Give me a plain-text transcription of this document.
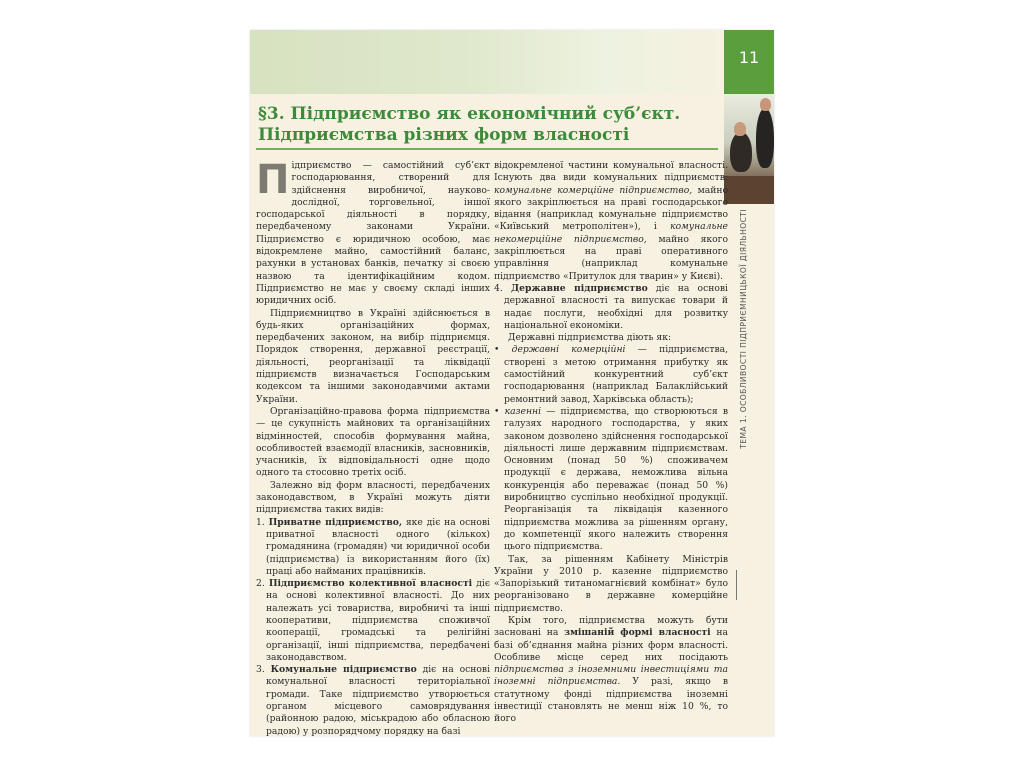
11
ТЕМА 1. ОСОБЛИВОСТІ ПІДПРИЄМНИЦЬКОЇ ДІЯЛЬНОСТІ
§3. Підприємство як економічний суб’єкт.
Підприємства різних форм власності

Підприємство — самостійний суб’єкт господарювання, створений для здійснення виробничої, науково-дослідної, торговельної, іншої господарської діяльності в порядку, передбаченому законами України. Підприємство є юридичною особою, має відокремлене майно, самостійний баланс, рахунки в установах банків, печатку зі своєю назвою та ідентифікаційним кодом. Підприємство не має у своєму складі інших юридичних осіб.

Підприємництво в Україні здійснюється в будь-яких організаційних формах, передбачених законом, на вибір підприємця. Порядок створення, державної реєстрації, діяльності, реорганізації та ліквідації підприємств визначається Господарським кодексом та іншими законодавчими актами України.

Організаційно-правова форма підприємства — це сукупність майнових та організаційних відмінностей, способів формування майна, особливостей взаємодії власників, засновників, учасників, їх відповідальності одне щодо одного та стосовно третіх осіб.

Залежно від форм власності, передбачених законодавством, в Україні можуть діяти підприємства таких видів:

1. Приватне підприємство, яке діє на основі приватної власності одного (кількох) громадянина (громадян) чи юридичної особи (підприємства) із використанням його (їх) праці або найманих працівників.

2. Підприємство колективної власності діє на основі колективної власності. До них належать усі товариства, виробничі та інші кооперативи, підприємства споживчої кооперації, громадські та релігійні організації, інші підприємства, передбачені законодавством.

3. Комунальне підприємство діє на основі комунальної власності територіальної громади. Таке підприємство утворюється органом місцевого самоврядування (районною радою, міськрадою або обласною радою) у розпорядчому порядку на базі

відокремленої частини комунальної власності. Існують два види комунальних підприємств: комунальне комерційне підприємство, майно якого закріплюється на праві господарського відання (наприклад комунальне підприємство «Київський метрополітен»), і комунальне некомерційне підприємство, майно якого закріплюється на праві оперативного управління (наприклад комунальне підприємство «Притулок для тварин» у Києві).

4. Державне підприємство діє на основі державної власності та випускає товари й надає послуги, необхідні для розвитку національної економіки.

Державні підприємства діють як:

• державні комерційні — підприємства, створені з метою отримання прибутку як самостійний конкурентний суб’єкт господарювання (наприклад Балаклійський ремонтний завод, Харківська область);

• казенні — підприємства, що створюються в галузях народного господарства, у яких законом дозволено здійснення господарської діяльності лише державним підприємствам. Основним (понад 50 %) споживачем продукції є держава, неможлива вільна конкуренція або переважає (понад 50 %) виробництво суспільно необхідної продукції. Реорганізація та ліквідація казенного підприємства можлива за рішенням органу, до компетенції якого належить створення цього підприємства.

Так, за рішенням Кабінету Міністрів України у 2010 р. казенне підприємство «Запорізький титаномагнієвий комбінат» було реорганізовано в державне комерційне підприємство.

Крім того, підприємства можуть бути засновані на змішаній формі власності на базі об’єднання майна різних форм власності. Особливе місце серед них посідають підприємства з іноземними інвестиціями та іноземні підприємства. У разі, якщо в статутному фонді підприємства іноземні інвестиції становлять не менш ніж 10 %, то його
